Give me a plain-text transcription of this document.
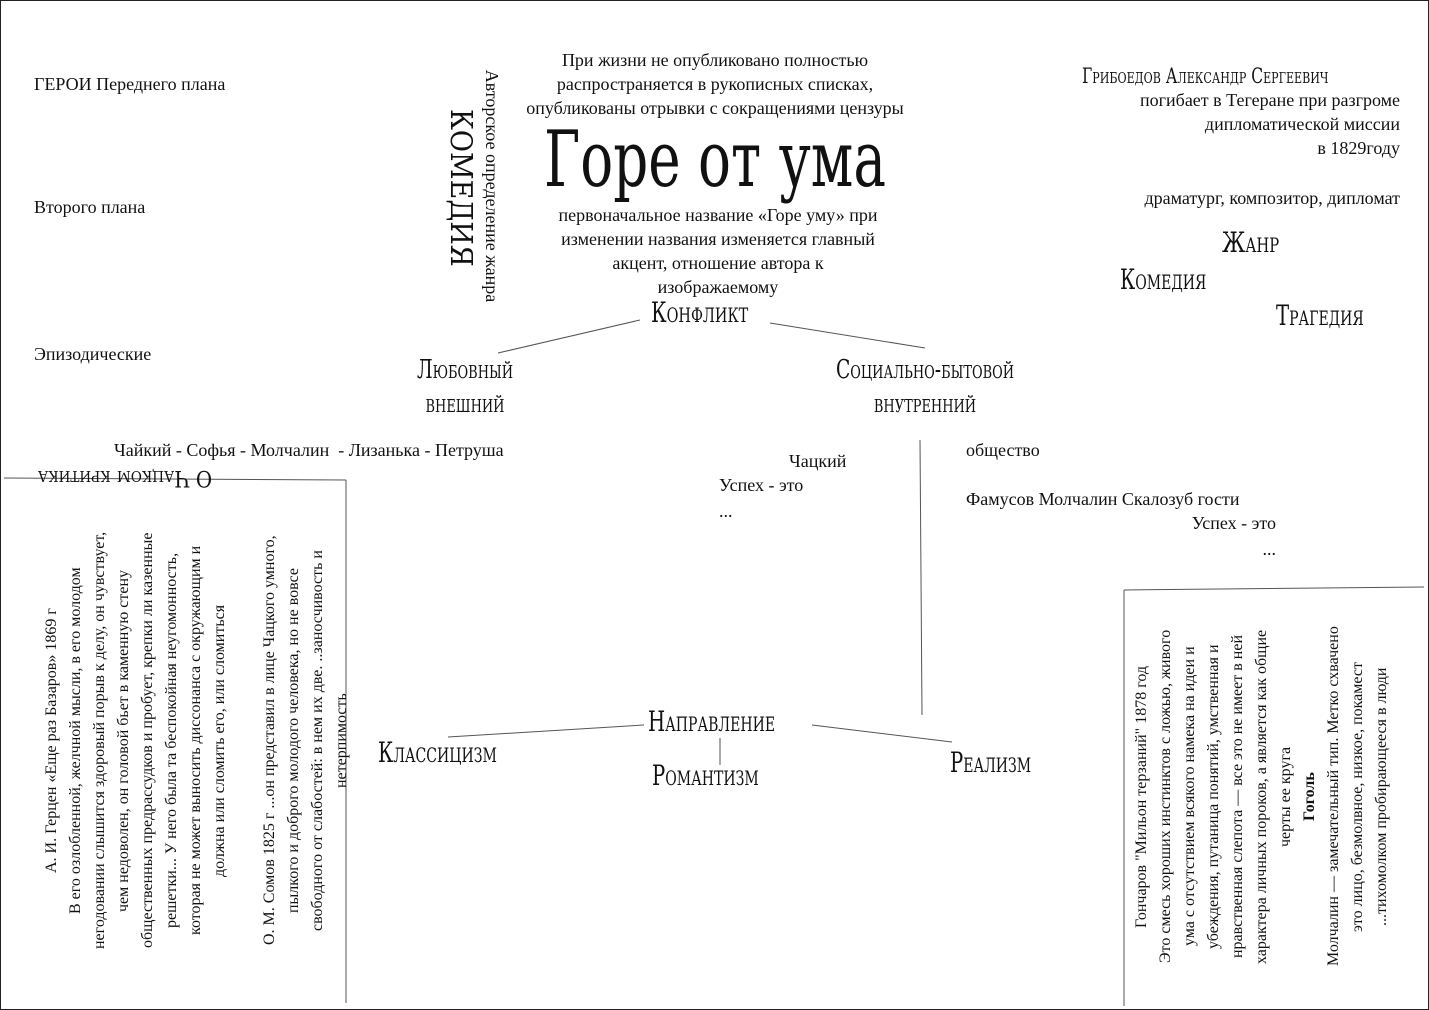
ГЕРОИ Переднего плана
Второго плана
Эпизодические
Авторское определение жанра
КОМЕДИЯ
При жизни не опубликовано полностью
распространяется в рукописных списках,
опубликованы отрывки с сокращениями цензуры
Горе от ума
первоначальное название «Горе уму» при
изменении названия изменяется главный
акцент, отношение автора к
изображаемому
Грибоедов Александр Сергеевич
погибает в Тегеране при разгроме
дипломатической миссии
в 1829году
драматург, композитор, дипломат
Жанр
Комедия
Трагедия
Конфликт
Любовный
внешний
Социально-бытовой
внутренний
Чайкий - Софья - Молчалин  - Лизанька - Петруша
Чацкий
Успех - это
...
общество
Фамусов Молчалин Скалозуб гости
Успех - это
...
О Чацком критика
А. И. Герцен «Еще раз Базаров» 1869 г В его озлобленной, желчной мысли, в его молодом негодовании слышится здоровый порыв к делу, он чувствует, чем недоволен, он головой бьет в каменную стену общественных предрассудков и пробует, крепки ли казенные решетки... У него была та беспокойная неугомонность, которая не может выносить диссонанса с окружающим и должна или сломить его, или сломиться О. М. Сомов 1825 г ...он представил в лице Чацкого умного, пылкого и доброго молодого человека, но не вовсе свободного от слабостей: в нем их две. ..заносчивость и нетерпимость	Гончаров "Мильон терзаний" 1878 год Это смесь хороших инстинктов с ложью, живого ума с отсутствием всякого намека на идеи и убеждения, путаница понятий, умственная и нравственная слепота — все это не имеет в ней характера личных пороков, а является как общие черты ее круга Гоголь Молчалин — замечательный тип. Метко схвачено это лицо, безмолвное, низкое, покамест ...тихомолком пробирающееся в люди
Направление
Классицизм
Романтизм	Реализм
